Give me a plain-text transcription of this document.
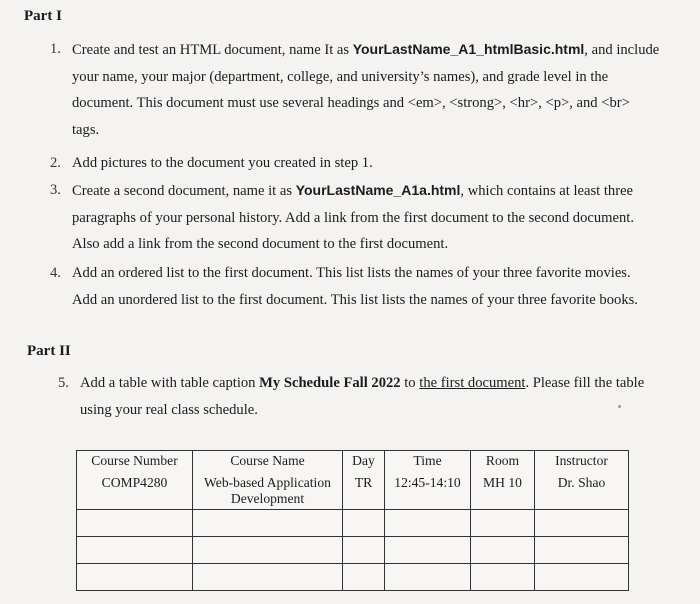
Part I
1. Create and test an HTML document, name It as YourLastName_A1_htmlBasic.html, and include
your name, your major (department, college, and university’s names), and grade level in the
document. This document must use several headings and <em>, <strong>, <hr>, <p>, and <br>
tags.
2. Add pictures to the document you created in step 1.
3. Create a second document, name it as YourLastName_A1a.html, which contains at least three
paragraphs of your personal history. Add a link from the first document to the second document.
Also add a link from the second document to the first document.
4. Add an ordered list to the first document. This list lists the names of your three favorite movies.
Add an unordered list to the first document. This list lists the names of your three favorite books.
Part II
5. Add a table with table caption My Schedule Fall 2022 to the first document. Please fill the table
using your real class schedule.
Course Number	Course Name	Day	Time	Room	Instructor
COMP4280	Web-based Application Development	TR	12:45-14:10	MH 10	Dr. Shao
